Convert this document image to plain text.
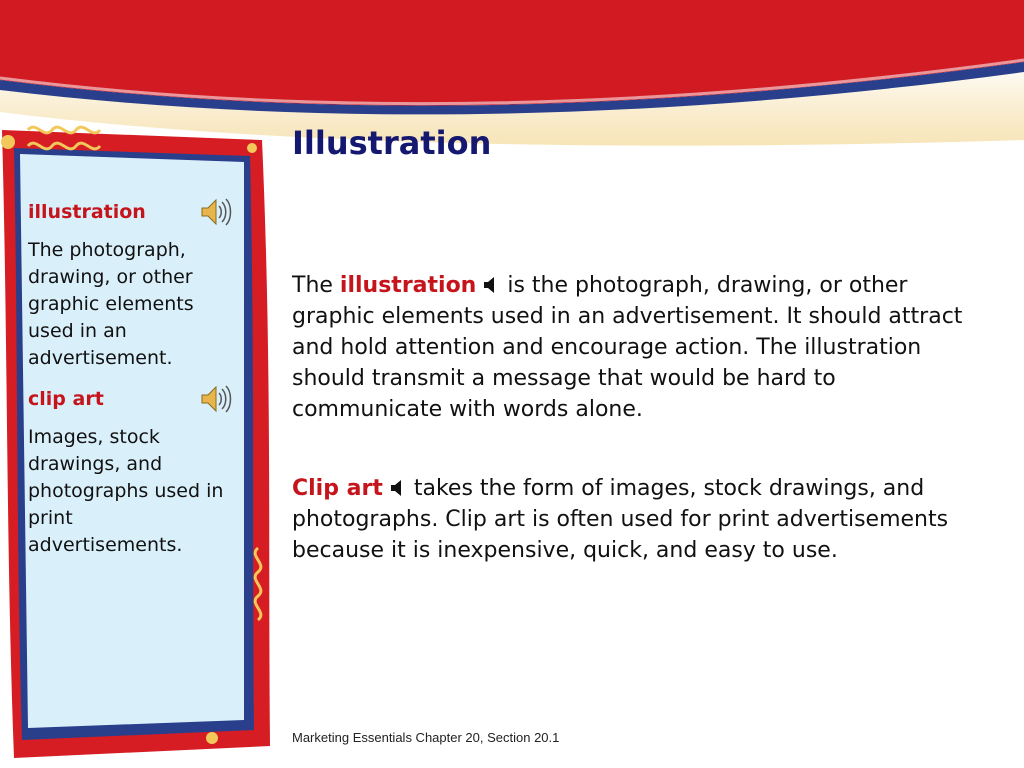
illustration
The photograph, drawing, or other graphic elements used in an advertisement.
clip art
Images, stock drawings, and photographs used in print advertisements.
Illustration

The illustration is the photograph, drawing, or other graphic elements used in an advertisement. It should attract and hold attention and encourage action. The illustration should transmit a message that would be hard to communicate with words alone.

Clip art takes the form of images, stock drawings, and photographs. Clip art is often used for print advertisements because it is inexpensive, quick, and easy to use.

Marketing Essentials Chapter 20, Section 20.1
